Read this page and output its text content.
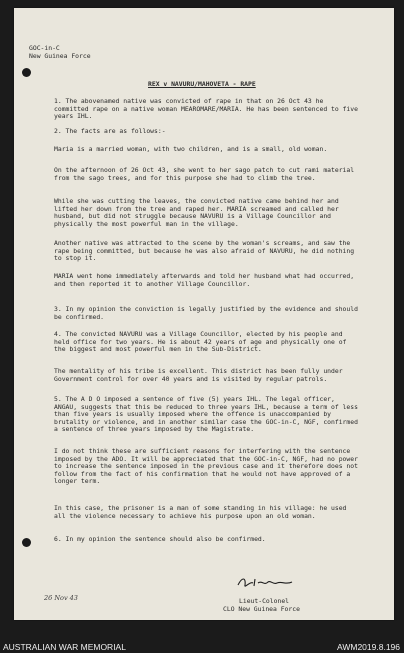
GOC-in-C
New Guinea Force
REX v NAVURU/MAHOVETA - RAPE
1. The abovenamed native was convicted of rape in that on 26 Oct 43 he committed rape on a native woman MEAROMARE/MARIA. He has been sentenced to five years IHL.
2. The facts are as follows:-
Maria is a married woman, with two children, and is a small, old woman.
On the afternoon of 26 Oct 43, she went to her sago patch to cut rami material from the sago trees, and for this purpose she had to climb the tree.
While she was cutting the leaves, the convicted native came behind her and lifted her down from the tree and raped her. MARIA screamed and called her husband, but did not struggle because NAVURU is a Village Councillor and physically the most powerful man in the village.
Another native was attracted to the scene by the woman's screams, and saw the rape being committed, but because he was also afraid of NAVURU, he did nothing to stop it.
MARIA went home immediately afterwards and told her husband what had occurred, and then reported it to another Village Councillor.
3. In my opinion the conviction is legally justified by the evidence and should be confirmed.
4. The convicted NAVURU was a Village Councillor, elected by his people and held office for two years. He is about 42 years of age and physically one of the biggest and most powerful men in the Sub-District.
The mentality of his tribe is excellent. This district has been fully under Government control for over 40 years and is visited by regular patrols.
5. The A D O imposed a sentence of five (5) years IHL. The legal officer, ANGAU, suggests that this be reduced to three years IHL, because a term of less than five years is usually imposed where the offence is unaccompanied by brutality or violence, and in another similar case the GOC-in-C, NGF, confirmed a sentence of three years imposed by the Magistrate.
I do not think these are sufficient reasons for interfering with the sentence imposed by the ADO. It will be appreciated that the GOC-in-C, NGF, had no power to increase the sentence imposed in the previous case and it therefore does not follow from the fact of his confirmation that he would not have approved of a longer term.
In this case, the prisoner is a man of some standing in his village: he used all the violence necessary to achieve his purpose upon an old woman.
6. In my opinion the sentence should also be confirmed.
Lieut-Colonel
CLO New Guinea Force
26 Nov 43
AUSTRALIAN WAR MEMORIAL	AWM2019.8.196
